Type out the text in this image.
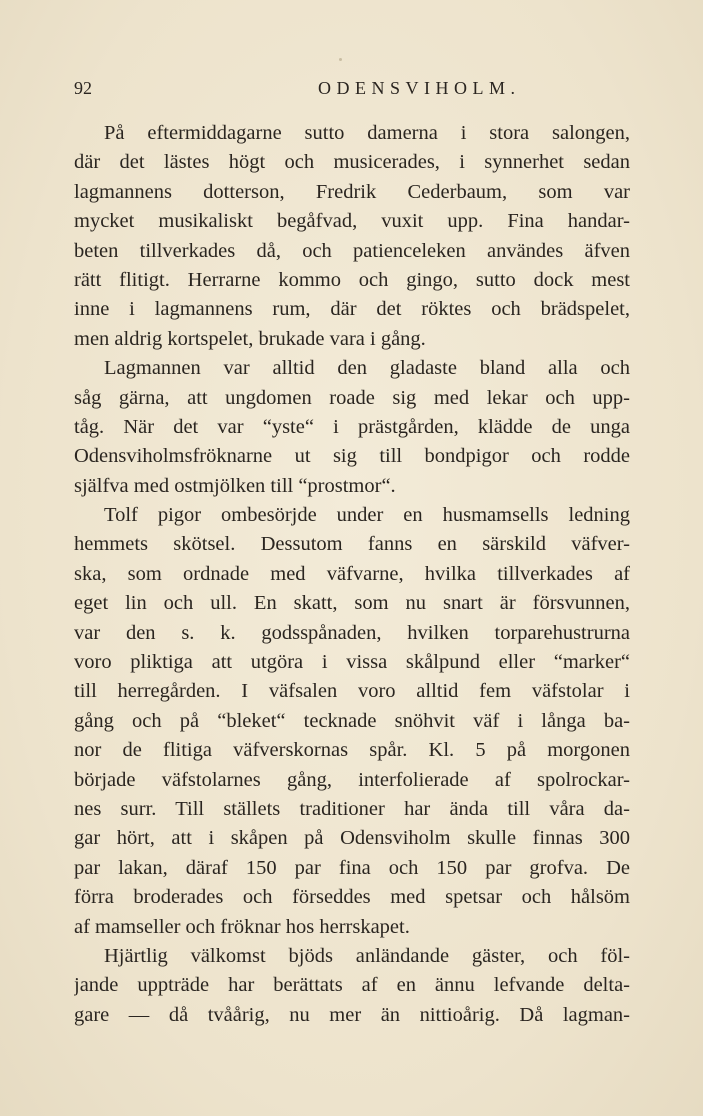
92	ODENSVIHOLM.
På eftermiddagarne sutto damerna i stora salongen,
där det lästes högt och musicerades, i synnerhet sedan
lagmannens dotterson, Fredrik Cederbaum, som var
mycket musikaliskt begåfvad, vuxit upp. Fina handar-
beten tillverkades då, och patienceleken användes äfven
rätt flitigt. Herrarne kommo och gingo, sutto dock mest
inne i lagmannens rum, där det röktes och brädspelet,
men aldrig kortspelet, brukade vara i gång.
Lagmannen var alltid den gladaste bland alla och
såg gärna, att ungdomen roade sig med lekar och upp-
tåg. När det var “yste“ i prästgården, klädde de unga
Odensviholmsfröknarne ut sig till bondpigor och rodde
själfva med ostmjölken till “prostmor“.
Tolf pigor ombesörjde under en husmamsells ledning
hemmets skötsel. Dessutom fanns en särskild väfver-
ska, som ordnade med väfvarne, hvilka tillverkades af
eget lin och ull. En skatt, som nu snart är försvunnen,
var den s. k. godsspånaden, hvilken torparehustrurna
voro pliktiga att utgöra i vissa skålpund eller “marker“
till herregården. I väfsalen voro alltid fem väfstolar i
gång och på “bleket“ tecknade snöhvit väf i långa ba-
nor de flitiga väfverskornas spår. Kl. 5 på morgonen
började väfstolarnes gång, interfolierade af spolrockar-
nes surr. Till ställets traditioner har ända till våra da-
gar hört, att i skåpen på Odensviholm skulle finnas 300
par lakan, däraf 150 par fina och 150 par grofva. De
förra broderades och förseddes med spetsar och hålsöm
af mamseller och fröknar hos herrskapet.
Hjärtlig välkomst bjöds anländande gäster, och föl-
jande uppträde har berättats af en ännu lefvande delta-
gare — då tvåårig, nu mer än nittioårig. Då lagman-
